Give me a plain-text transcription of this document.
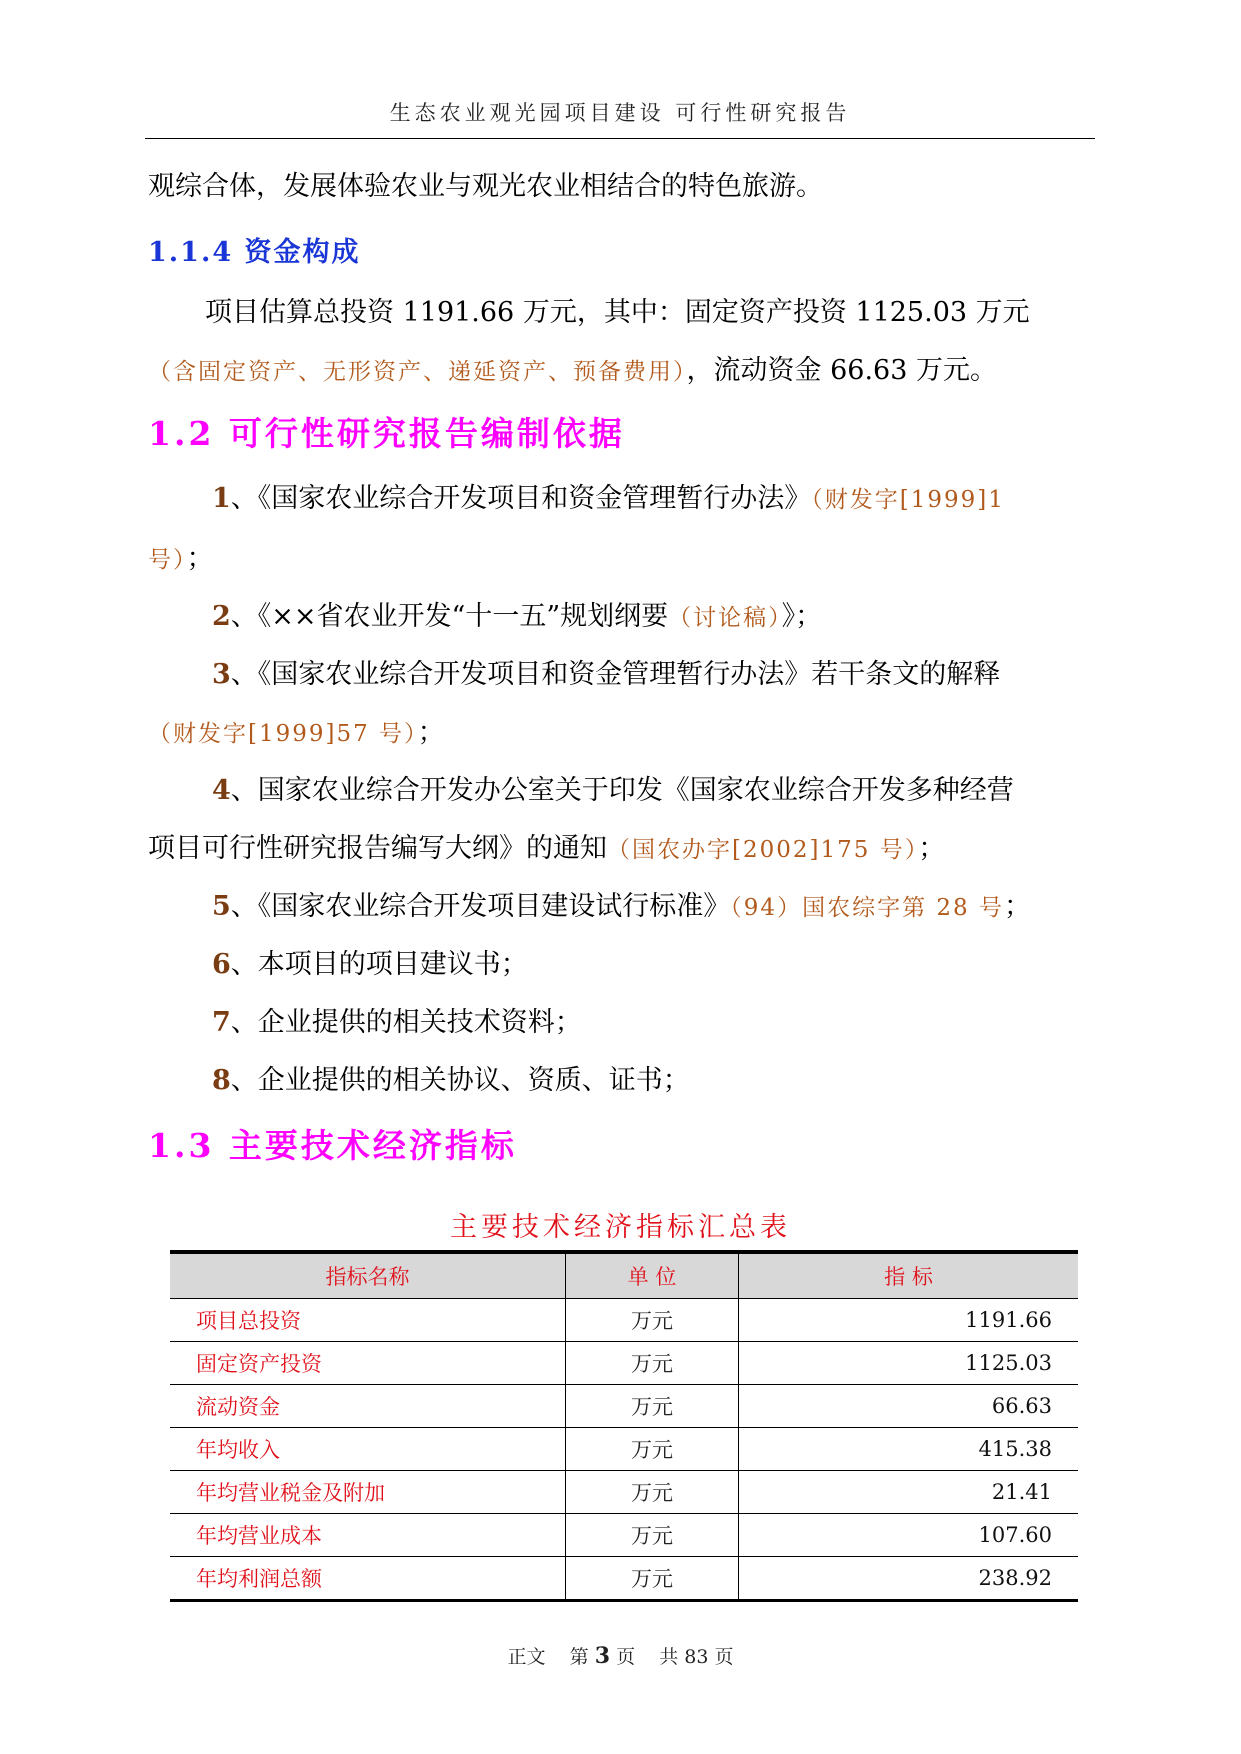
生态农业观光园项目建设 可行性研究报告
观综合体，发展体验农业与观光农业相结合的特色旅游。
1.1.4 资金构成
项目估算总投资 1191.66 万元，其中：固定资产投资 1125.03 万元
（含固定资产、无形资产、递延资产、预备费用），流动资金 66.63 万元。
1.2 可行性研究报告编制依据
1、《国家农业综合开发项目和资金管理暂行办法》（财发字[1999]1
号）；
2、《××省农业开发“十一五”规划纲要（讨论稿）》；
3、《国家农业综合开发项目和资金管理暂行办法》若干条文的解释
（财发字[1999]57 号）；
4、国家农业综合开发办公室关于印发《国家农业综合开发多种经营
项目可行性研究报告编写大纲》的通知（国农办字[2002]175 号）；
5、《国家农业综合开发项目建设试行标准》（94）国农综字第 28 号；
6、本项目的项目建议书；
7、企业提供的相关技术资料；
8、企业提供的相关协议、资质、证书；
1.3 主要技术经济指标
主要技术经济指标汇总表

指标名称	单 位	指 标
项目总投资	万元	1191.66
固定资产投资	万元	1125.03
流动资金	万元	66.63
年均收入	万元	415.38
年均营业税金及附加	万元	21.41
年均营业成本	万元	107.60
年均利润总额	万元	238.92
正文 第 3 页 共 83 页
